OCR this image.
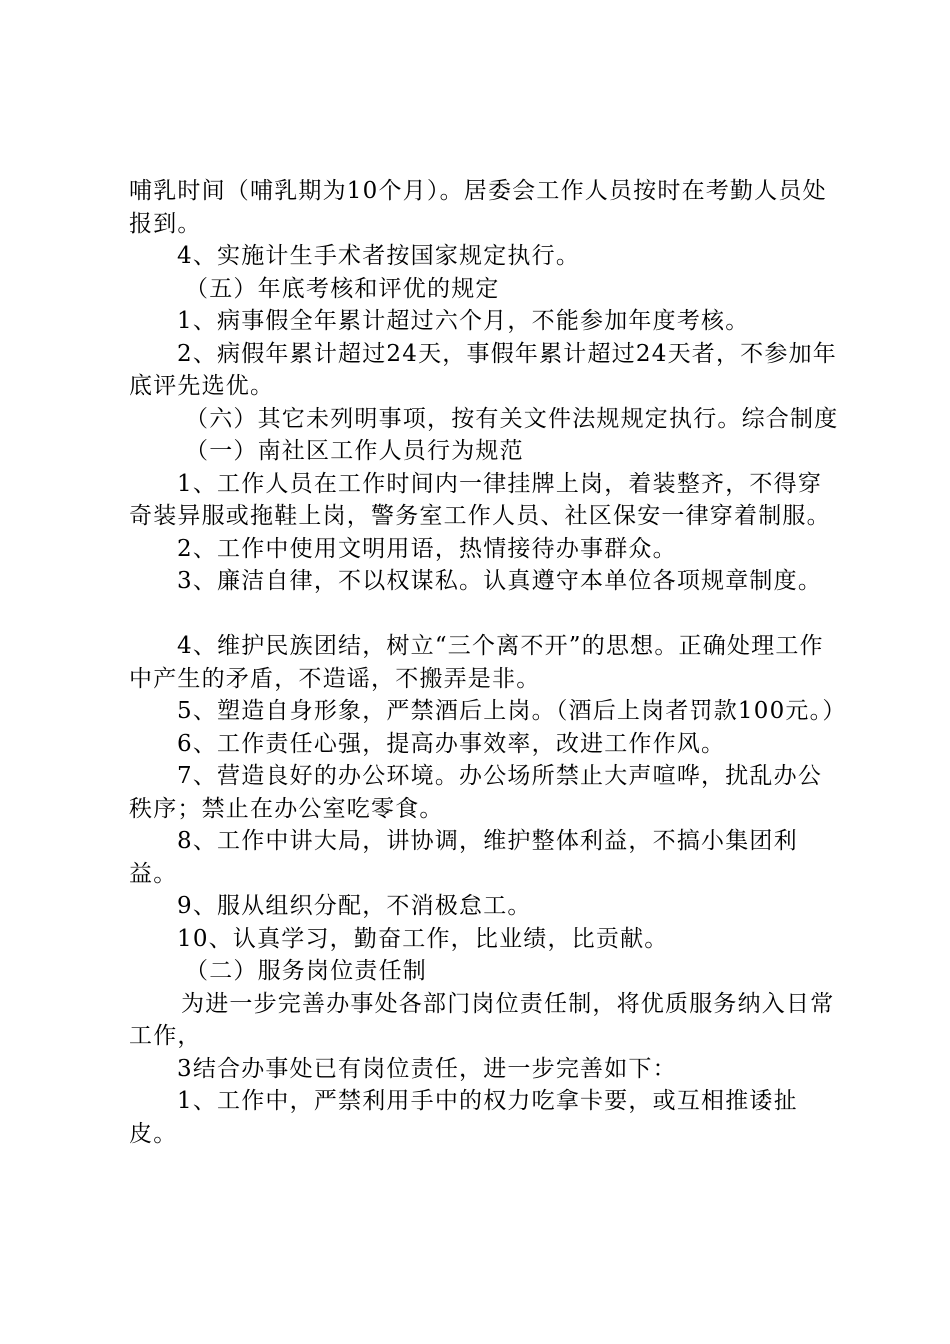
哺乳时间（哺乳期为10个月）。居委会工作人员按时在考勤人员处报到。

4、实施计生手术者按国家规定执行。

（五）年底考核和评优的规定

1、病事假全年累计超过六个月，不能参加年度考核。

2、病假年累计超过24天，事假年累计超过24天者，不参加年底评先选优。

（六）其它未列明事项，按有关文件法规规定执行。综合制度

（一）南社区工作人员行为规范

1、工作人员在工作时间内一律挂牌上岗，着装整齐，不得穿奇装异服或拖鞋上岗，警务室工作人员、社区保安一律穿着制服。

2、工作中使用文明用语，热情接待办事群众。

3、廉洁自律，不以权谋私。认真遵守本单位各项规章制度。

4、维护民族团结，树立“三个离不开”的思想。正确处理工作中产生的矛盾，不造谣，不搬弄是非。

5、塑造自身形象，严禁酒后上岗。（酒后上岗者罚款100元。）

6、工作责任心强，提高办事效率，改进工作作风。

7、营造良好的办公环境。办公场所禁止大声喧哗，扰乱办公秩序；禁止在办公室吃零食。

8、工作中讲大局，讲协调，维护整体利益，不搞小集团利益。

9、服从组织分配，不消极怠工。

10、认真学习，勤奋工作，比业绩，比贡献。

（二）服务岗位责任制

为进一步完善办事处各部门岗位责任制，将优质服务纳入日常工作，

3结合办事处已有岗位责任，进一步完善如下：

1、工作中，严禁利用手中的权力吃拿卡要，或互相推诿扯皮。
